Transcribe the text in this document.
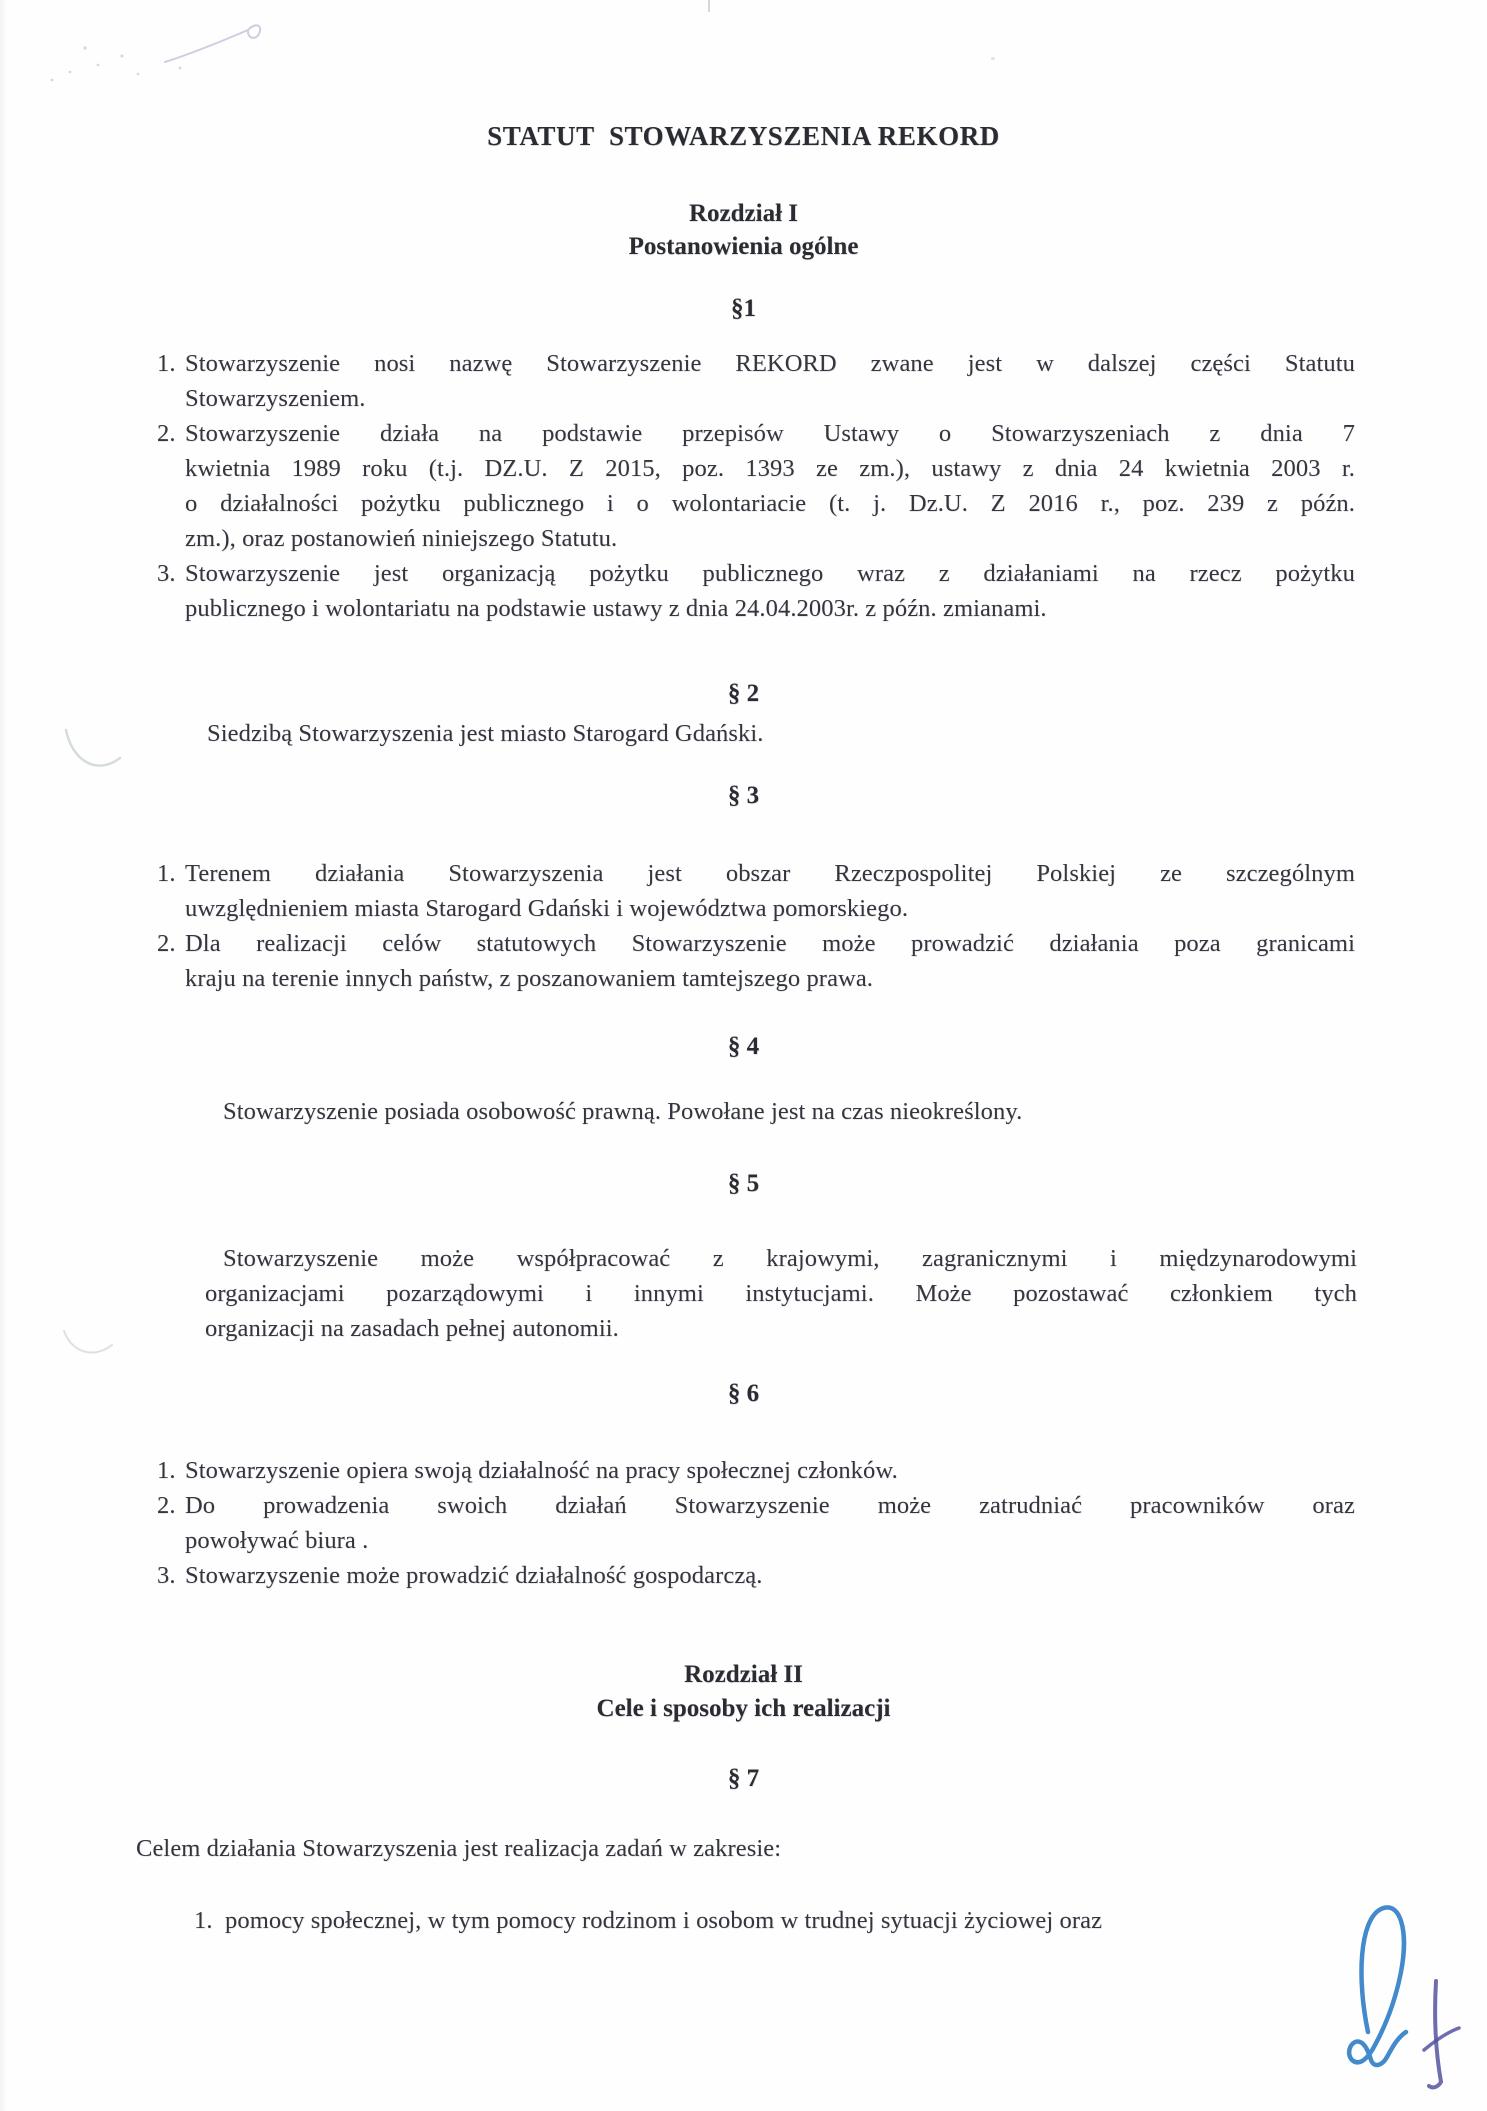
STATUT  STOWARZYSZENIA REKORD
Rozdział I
Postanowienia ogólne
§1
1. Stowarzyszenie nosi nazwę Stowarzyszenie REKORD zwane jest w dalszej części Statutu
Stowarzyszeniem.
2. Stowarzyszenie działa na podstawie przepisów Ustawy o Stowarzyszeniach z dnia 7
kwietnia 1989 roku (t.j. DZ.U. Z 2015, poz. 1393 ze zm.), ustawy z dnia 24 kwietnia 2003 r.
o działalności pożytku publicznego i o wolontariacie (t. j. Dz.U. Z 2016 r., poz. 239 z późn.
zm.), oraz postanowień niniejszego Statutu.
3. Stowarzyszenie jest organizacją pożytku publicznego wraz z działaniami na rzecz pożytku
publicznego i wolontariatu na podstawie ustawy z dnia 24.04.2003r. z późn. zmianami.
§ 2
Siedzibą Stowarzyszenia jest miasto Starogard Gdański.
§ 3
1. Terenem działania Stowarzyszenia jest obszar Rzeczpospolitej Polskiej ze szczególnym
uwzględnieniem miasta Starogard Gdański i województwa pomorskiego.
2. Dla realizacji celów statutowych Stowarzyszenie może prowadzić działania poza granicami
kraju na terenie innych państw, z poszanowaniem tamtejszego prawa.
§ 4
Stowarzyszenie posiada osobowość prawną. Powołane jest na czas nieokreślony.
§ 5
Stowarzyszenie może współpracować z krajowymi, zagranicznymi i międzynarodowymi
organizacjami pozarządowymi i innymi instytucjami. Może pozostawać członkiem tych
organizacji na zasadach pełnej autonomii.
§ 6
1. Stowarzyszenie opiera swoją działalność na pracy społecznej członków.
2. Do prowadzenia swoich działań Stowarzyszenie może zatrudniać pracowników oraz
powoływać biura .
3. Stowarzyszenie może prowadzić działalność gospodarczą.
Rozdział II
Cele i sposoby ich realizacji
§ 7
Celem działania Stowarzyszenia jest realizacja zadań w zakresie:
1. pomocy społecznej, w tym pomocy rodzinom i osobom w trudnej sytuacji życiowej oraz
